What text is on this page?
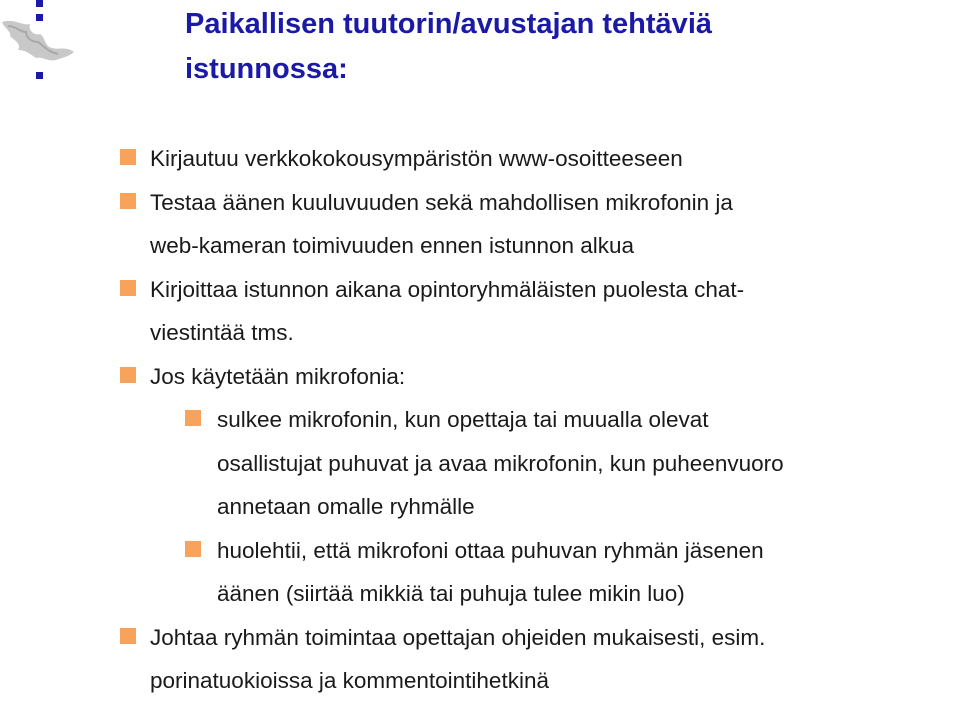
Paikallisen tuutorin/avustajan tehtäviä
istunnossa:
Kirjautuu verkkokokousympäristön www-osoitteeseen
Testaa äänen kuuluvuuden sekä mahdollisen mikrofonin ja
web-kameran toimivuuden ennen istunnon alkua
Kirjoittaa istunnon aikana opintoryhmäläisten puolesta chat-
viestintää tms.
Jos käytetään mikrofonia:
sulkee mikrofonin, kun opettaja tai muualla olevat
osallistujat puhuvat ja avaa mikrofonin, kun puheenvuoro
annetaan omalle ryhmälle
huolehtii, että mikrofoni ottaa puhuvan ryhmän jäsenen
äänen (siirtää mikkiä tai puhuja tulee mikin luo)
Johtaa ryhmän toimintaa opettajan ohjeiden mukaisesti, esim.
porinatuokioissa ja kommentointihetkinä
